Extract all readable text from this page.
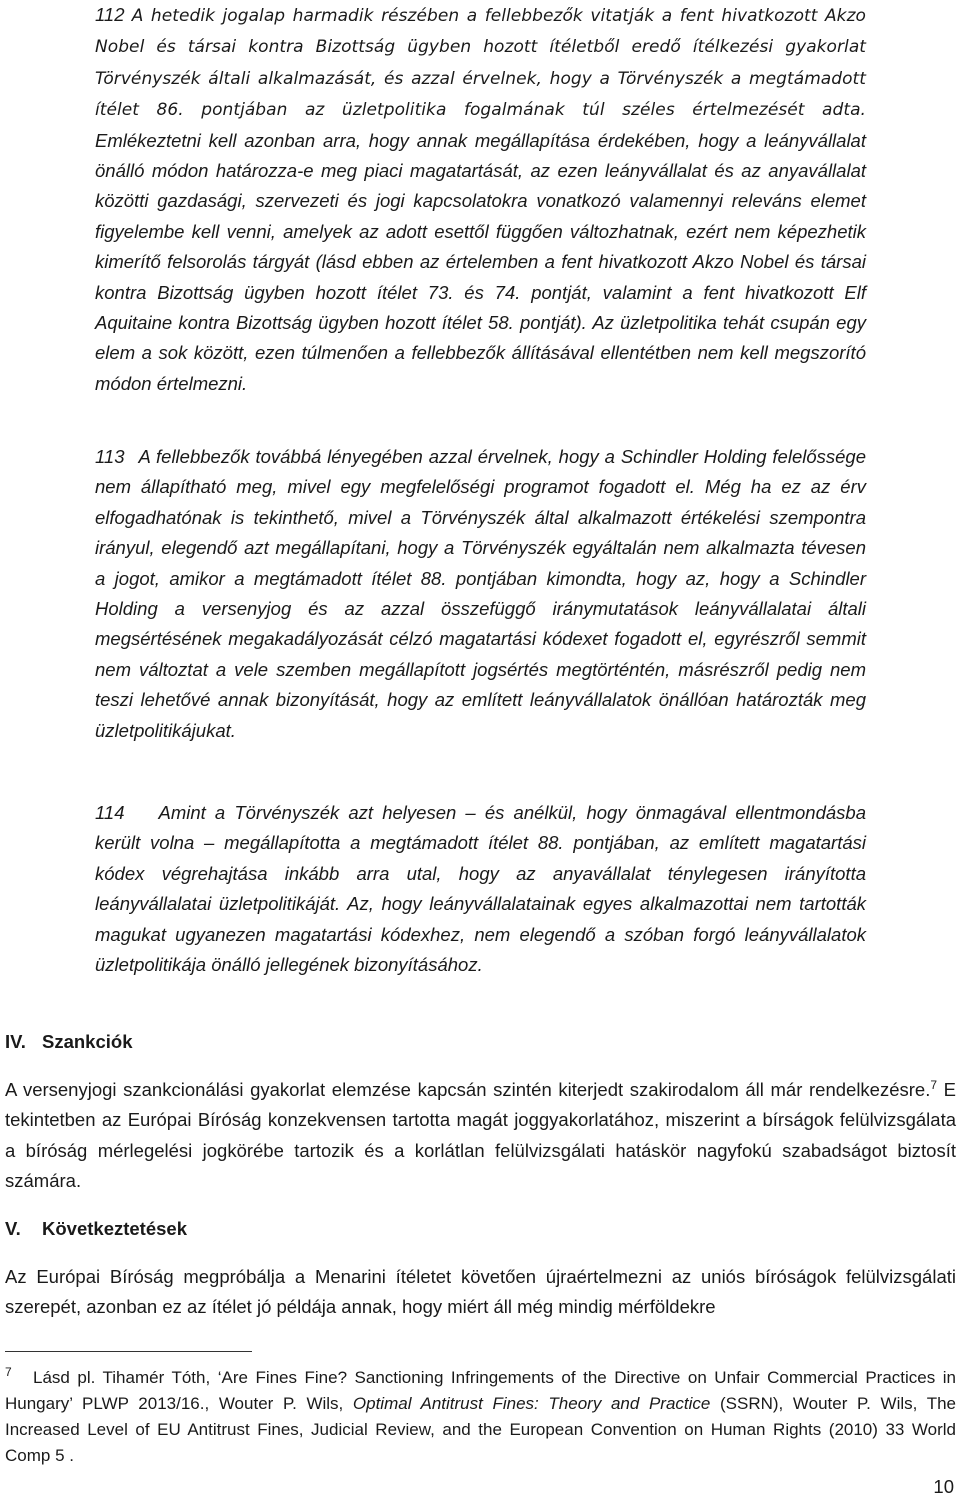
112 A hetedik jogalap harmadik részében a fellebbezők vitatják a fent hivatkozott Akzo Nobel és társai kontra Bizottság ügyben hozott ítéletből eredő ítélkezési gyakorlat Törvényszék általi alkalmazását, és azzal érvelnek, hogy a Törvényszék a megtámadott ítélet 86. pontjában az üzletpolitika fogalmának túl széles értelmezését adta. Emlékeztetni kell azonban arra, hogy annak megállapítása érdekében, hogy a leányvállalat önálló módon határozza-e meg piaci magatartását, az ezen leányvállalat és az anyavállalat közötti gazdasági, szervezeti és jogi kapcsolatokra vonatkozó valamennyi releváns elemet figyelembe kell venni, amelyek az adott esettől függően változhatnak, ezért nem képezhetik kimerítő felsorolás tárgyát (lásd ebben az értelemben a fent hivatkozott Akzo Nobel és társai kontra Bizottság ügyben hozott ítélet 73. és 74. pontját, valamint a fent hivatkozott Elf Aquitaine kontra Bizottság ügyben hozott ítélet 58. pontját). Az üzletpolitika tehát csupán egy elem a sok között, ezen túlmenően a fellebbezők állításával ellentétben nem kell megszorító módon értelmezni.

113 A fellebbezők továbbá lényegében azzal érvelnek, hogy a Schindler Holding felelőssége nem állapítható meg, mivel egy megfelelőségi programot fogadott el. Még ha ez az érv elfogadhatónak is tekinthető, mivel a Törvényszék által alkalmazott értékelési szempontra irányul, elegendő azt megállapítani, hogy a Törvényszék egyáltalán nem alkalmazta tévesen a jogot, amikor a megtámadott ítélet 88. pontjában kimondta, hogy az, hogy a Schindler Holding a versenyjog és az azzal összefüggő iránymutatások leányvállalatai általi megsértésének megakadályozását célzó magatartási kódexet fogadott el, egyrészről semmit nem változtat a vele szemben megállapított jogsértés megtörténtén, másrészről pedig nem teszi lehetővé annak bizonyítását, hogy az említett leányvállalatok önállóan határozták meg üzletpolitikájukat.

114 Amint a Törvényszék azt helyesen – és anélkül, hogy önmagával ellentmondásba került volna – megállapította a megtámadott ítélet 88. pontjában, az említett magatartási kódex végrehajtása inkább arra utal, hogy az anyavállalat ténylegesen irányította leányvállalatai üzletpolitikáját. Az, hogy leányvállalatainak egyes alkalmazottai nem tartották magukat ugyanezen magatartási kódexhez, nem elegendő a szóban forgó leányvállalatok üzletpolitikája önálló jellegének bizonyításához.

IV. Szankciók

A versenyjogi szankcionálási gyakorlat elemzése kapcsán szintén kiterjedt szakirodalom áll már rendelkezésre.$^7$ E tekintetben az Európai Bíróság konzekvensen tartotta magát joggyakorlatához, miszerint a bírságok felülvizsgálata a bíróság mérlegelési jogkörébe tartozik és a korlátlan felülvizsgálati hatáskör nagyfokú szabadságot biztosít számára.

V. Következtetések

Az Európai Bíróság megpróbálja a Menarini ítéletet követően újraértelmezni az uniós bíróságok felülvizsgálati szerepét, azonban ez az ítélet jó példája annak, hogy miért áll még mindig mérföldekre

7 Lásd pl. Tihamér Tóth, ‘Are Fines Fine? Sanctioning Infringements of the Directive on Unfair Commercial Practices in Hungary’ PLWP 2013/16., Wouter P. Wils, Optimal Antitrust Fines: Theory and Practice (SSRN), Wouter P. Wils, The Increased Level of EU Antitrust Fines, Judicial Review, and the European Convention on Human Rights (2010) 33 World Comp 5 .

10
